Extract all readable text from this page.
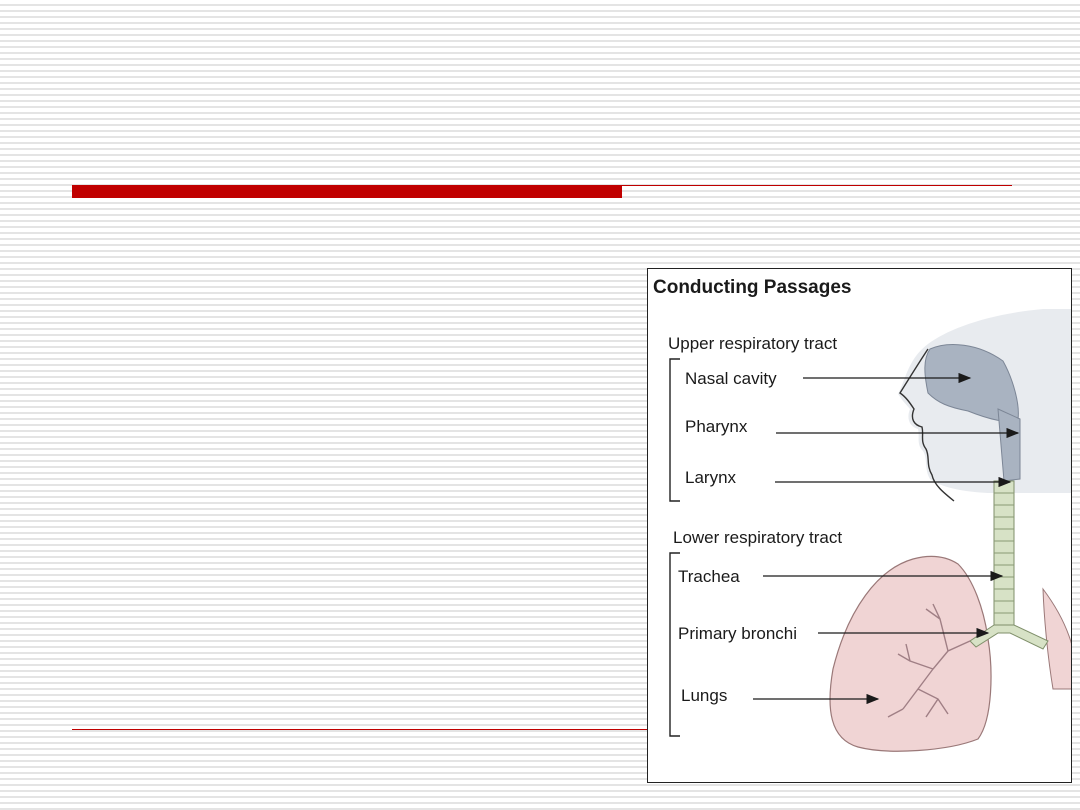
Conducting Passages
Upper respiratory tract
Nasal cavity
Pharynx
Larynx
Lower respiratory tract
Trachea
Primary bronchi
Lungs
